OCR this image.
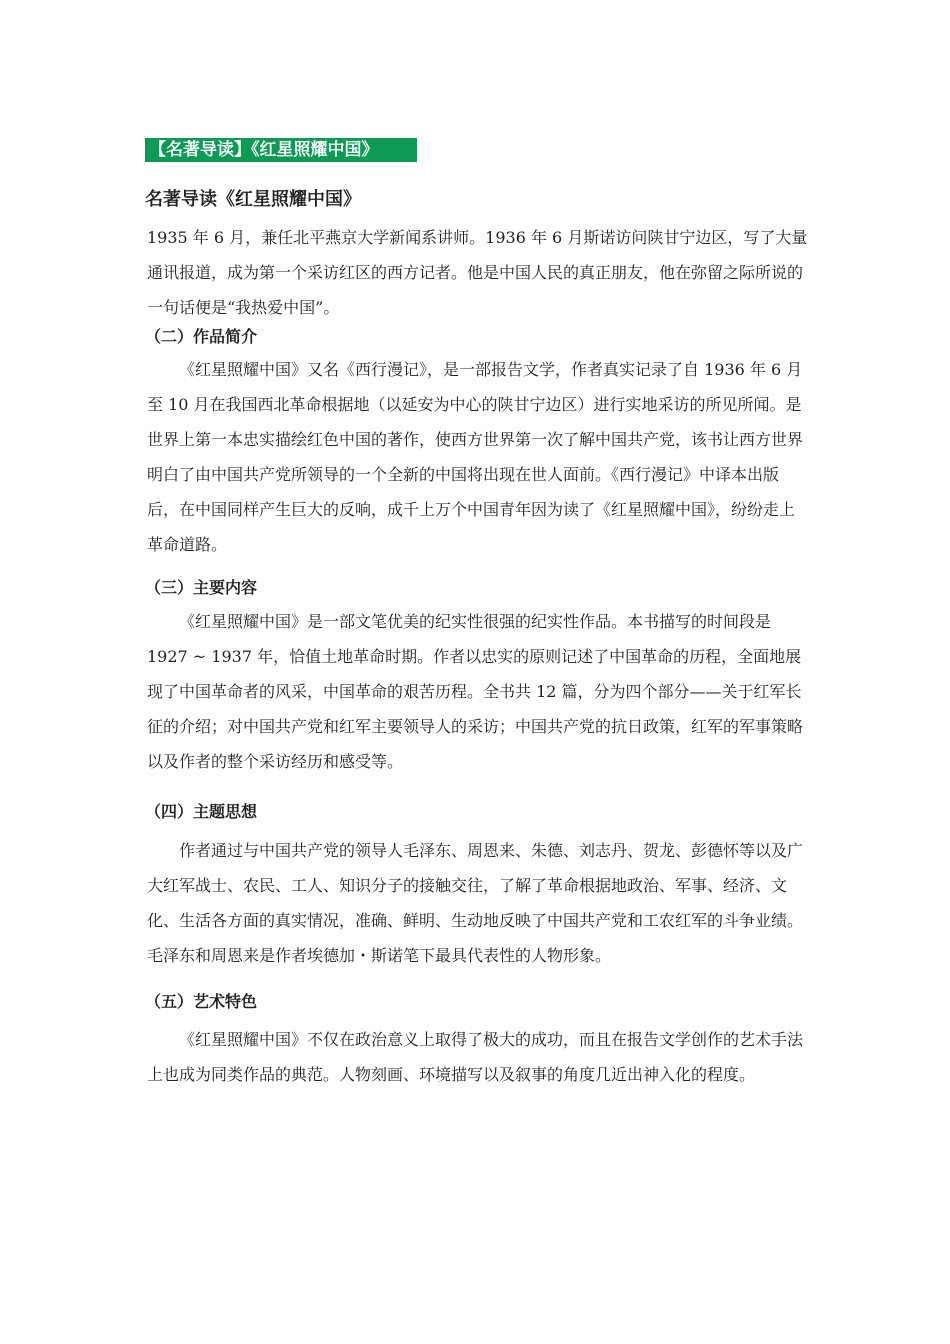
【名著导读】《红星照耀中国》
名著导读《红星照耀中国》

1935 年 6 月，兼任北平燕京大学新闻系讲师。1936 年 6 月斯诺访问陕甘宁边区，写了大量通讯报道，成为第一个采访红区的西方记者。他是中国人民的真正朋友，他在弥留之际所说的一句话便是“我热爱中国”。

（二）作品简介

《红星照耀中国》又名《西行漫记》，是一部报告文学，作者真实记录了自 1936 年 6 月至 10 月在我国西北革命根据地（以延安为中心的陕甘宁边区）进行实地采访的所见所闻。是世界上第一本忠实描绘红色中国的著作，使西方世界第一次了解中国共产党，该书让西方世界明白了由中国共产党所领导的一个全新的中国将出现在世人面前。《西行漫记》中译本出版后，在中国同样产生巨大的反响，成千上万个中国青年因为读了《红星照耀中国》，纷纷走上革命道路。

（三）主要内容

《红星照耀中国》是一部文笔优美的纪实性很强的纪实性作品。本书描写的时间段是 1927 ~ 1937 年，恰值土地革命时期。作者以忠实的原则记述了中国革命的历程，全面地展现了中国革命者的风采，中国革命的艰苦历程。全书共 12 篇，分为四个部分——关于红军长征的介绍；对中国共产党和红军主要领导人的采访；中国共产党的抗日政策，红军的军事策略以及作者的整个采访经历和感受等。

（四）主题思想

作者通过与中国共产党的领导人毛泽东、周恩来、朱德、刘志丹、贺龙、彭德怀等以及广大红军战士、农民、工人、知识分子的接触交往，了解了革命根据地政治、军事、经济、文化、生活各方面的真实情况，准确、鲜明、生动地反映了中国共产党和工农红军的斗争业绩。毛泽东和周恩来是作者埃德加・斯诺笔下最具代表性的人物形象。

（五）艺术特色

《红星照耀中国》不仅在政治意义上取得了极大的成功，而且在报告文学创作的艺术手法上也成为同类作品的典范。人物刻画、环境描写以及叙事的角度几近出神入化的程度。
